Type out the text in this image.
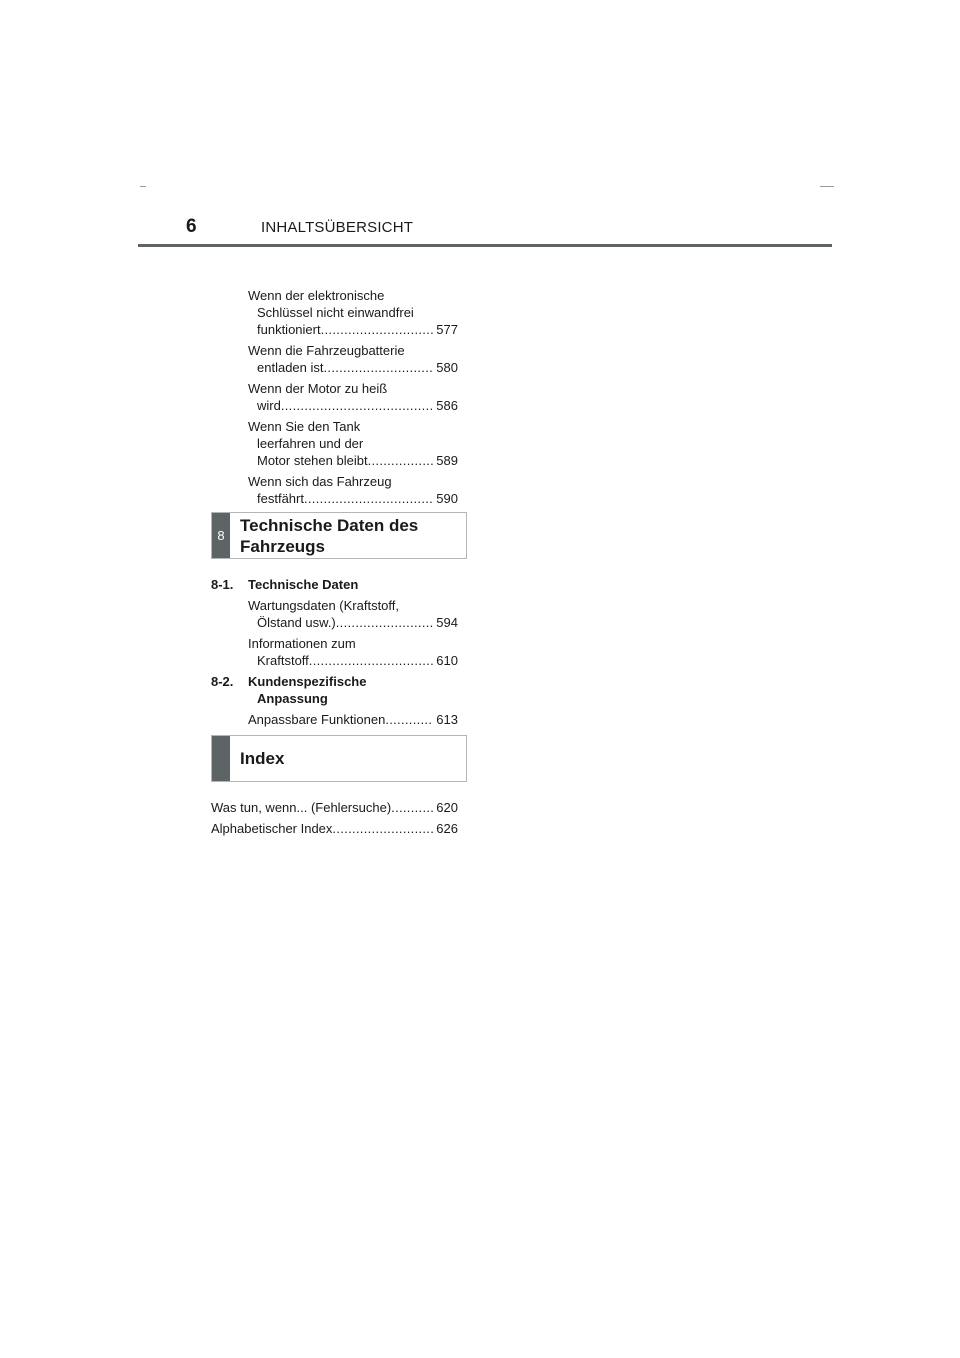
6	INHALTSÜBERSICHT
Wenn der elektronische
Schlüssel nicht einwandfrei
funktioniert .....	577
Wenn die Fahrzeugbatterie
entladen ist .....	580
Wenn der Motor zu heiß
wird .....	586
Wenn Sie den Tank
leerfahren und der
Motor stehen bleibt .....	589
Wenn sich das Fahrzeug
festfährt .....	590
8
Technische Daten des
Fahrzeugs
8-1.	Technische Daten
Wartungsdaten (Kraftstoff,
Ölstand usw.) .....	594
Informationen zum
Kraftstoff .....	610
8-2.	Kundenspezifische
Anpassung
Anpassbare Funktionen .....	613
Index
Was tun, wenn... (Fehlersuche) .....	620
Alphabetischer Index .....	626
